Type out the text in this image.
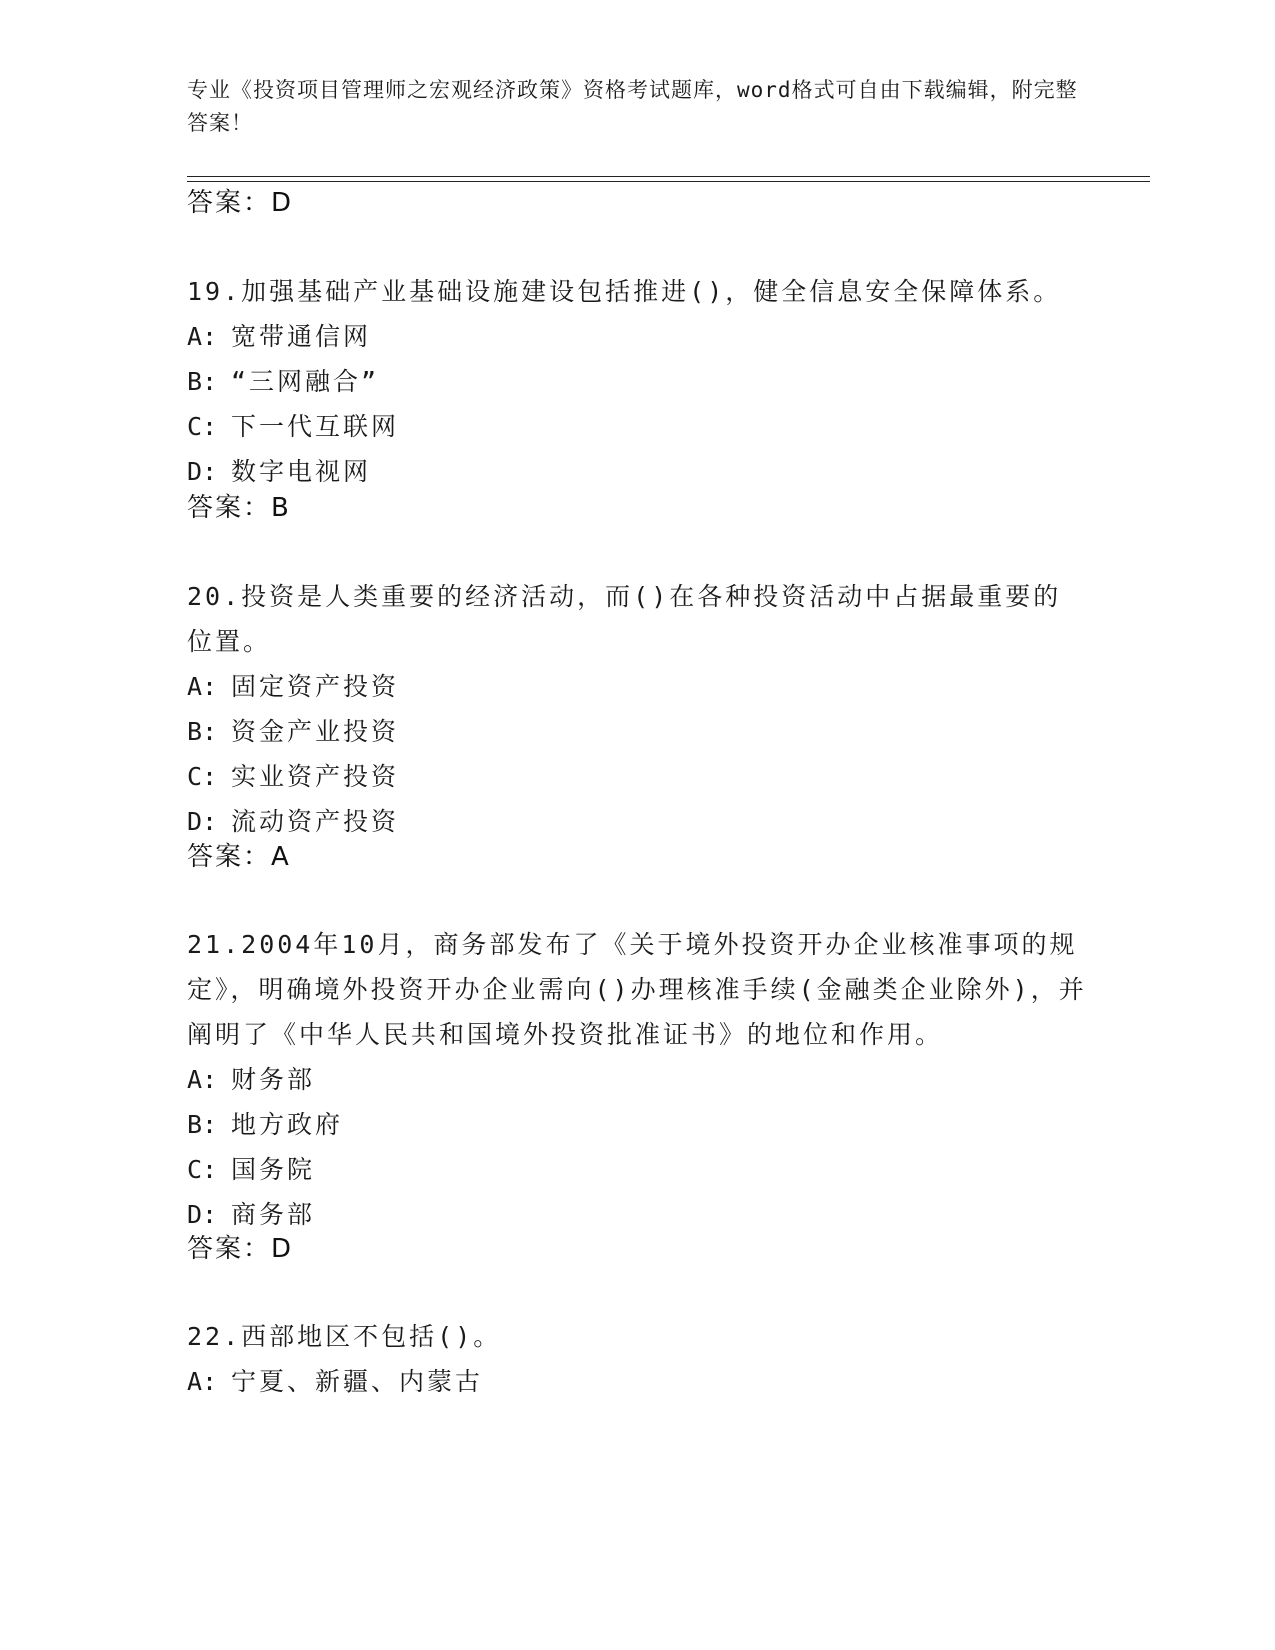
专业《投资项目管理师之宏观经济政策》资格考试题库，word格式可自由下载编辑，附完整答案！
答案：D
19.加强基础产业基础设施建设包括推进()，健全信息安全保障体系。
A: 宽带通信网
B: “三网融合”
C: 下一代互联网
D: 数字电视网
答案：B
20.投资是人类重要的经济活动，而()在各种投资活动中占据最重要的位置。
A: 固定资产投资
B: 资金产业投资
C: 实业资产投资
D: 流动资产投资
答案：A
21.2004年10月，商务部发布了《关于境外投资开办企业核准事项的规定》，明确境外投资开办企业需向()办理核准手续(金融类企业除外)，并阐明了《中华人民共和国境外投资批准证书》的地位和作用。
A: 财务部
B: 地方政府
C: 国务院
D: 商务部
答案：D
22.西部地区不包括()。
A: 宁夏、新疆、内蒙古
